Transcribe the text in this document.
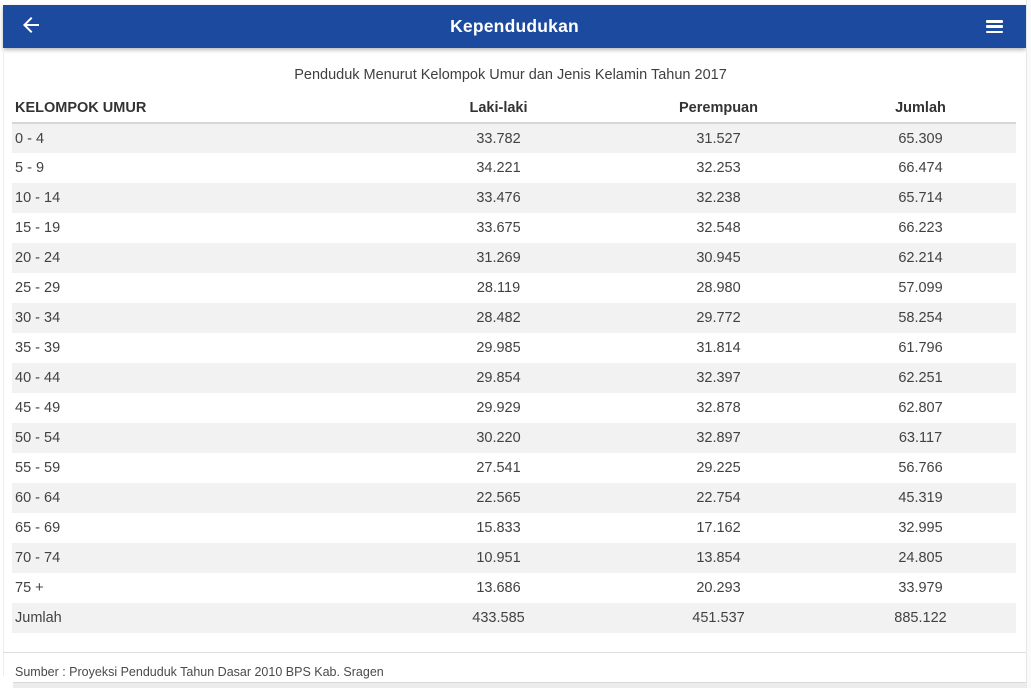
Kependudukan
Penduduk Menurut Kelompok Umur dan Jenis Kelamin Tahun 2017
KELOMPOK UMUR	Laki-laki	Perempuan	Jumlah
0 - 4	33.782	31.527	65.309
5 - 9	34.221	32.253	66.474
10 - 14	33.476	32.238	65.714
15 - 19	33.675	32.548	66.223
20 - 24	31.269	30.945	62.214
25 - 29	28.119	28.980	57.099
30 - 34	28.482	29.772	58.254
35 - 39	29.985	31.814	61.796
40 - 44	29.854	32.397	62.251
45 - 49	29.929	32.878	62.807
50 - 54	30.220	32.897	63.117
55 - 59	27.541	29.225	56.766
60 - 64	22.565	22.754	45.319
65 - 69	15.833	17.162	32.995
70 - 74	10.951	13.854	24.805
75 +	13.686	20.293	33.979
Jumlah	433.585	451.537	885.122
Sumber : Proyeksi Penduduk Tahun Dasar 2010 BPS Kab. Sragen
